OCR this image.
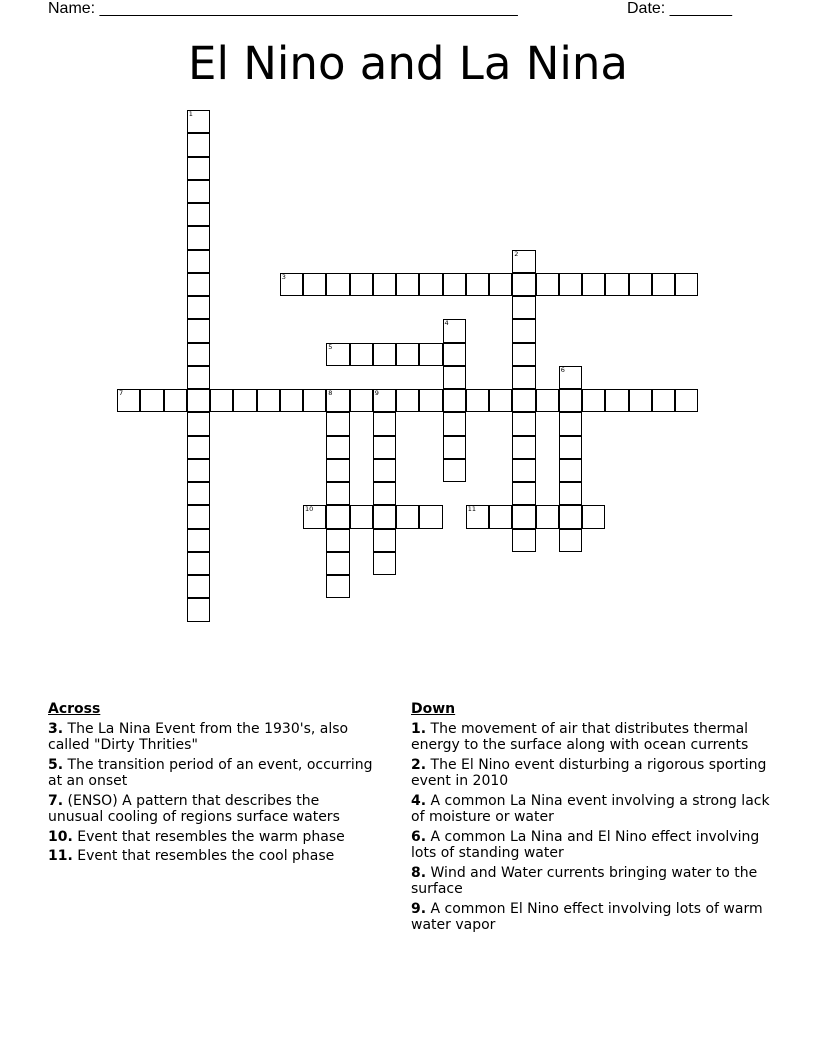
Name: _______________________________________________	Date: _______
El Nino and La Nina
1
2
3
4
5
6
7	8	9
10	11
Across
3. The La Nina Event from the 1930's, also called "Dirty Thrities"
5. The transition period of an event, occurring at an onset
7. (ENSO) A pattern that describes the unusual cooling of regions surface waters
10. Event that resembles the warm phase
11. Event that resembles the cool phase
Down
1. The movement of air that distributes thermal energy to the surface along with ocean currents
2. The El Nino event disturbing a rigorous sporting event in 2010
4. A common La Nina event involving a strong lack of moisture or water
6. A common La Nina and El Nino effect involving lots of standing water
8. Wind and Water currents bringing water to the surface
9. A common El Nino effect involving lots of warm water vapor
